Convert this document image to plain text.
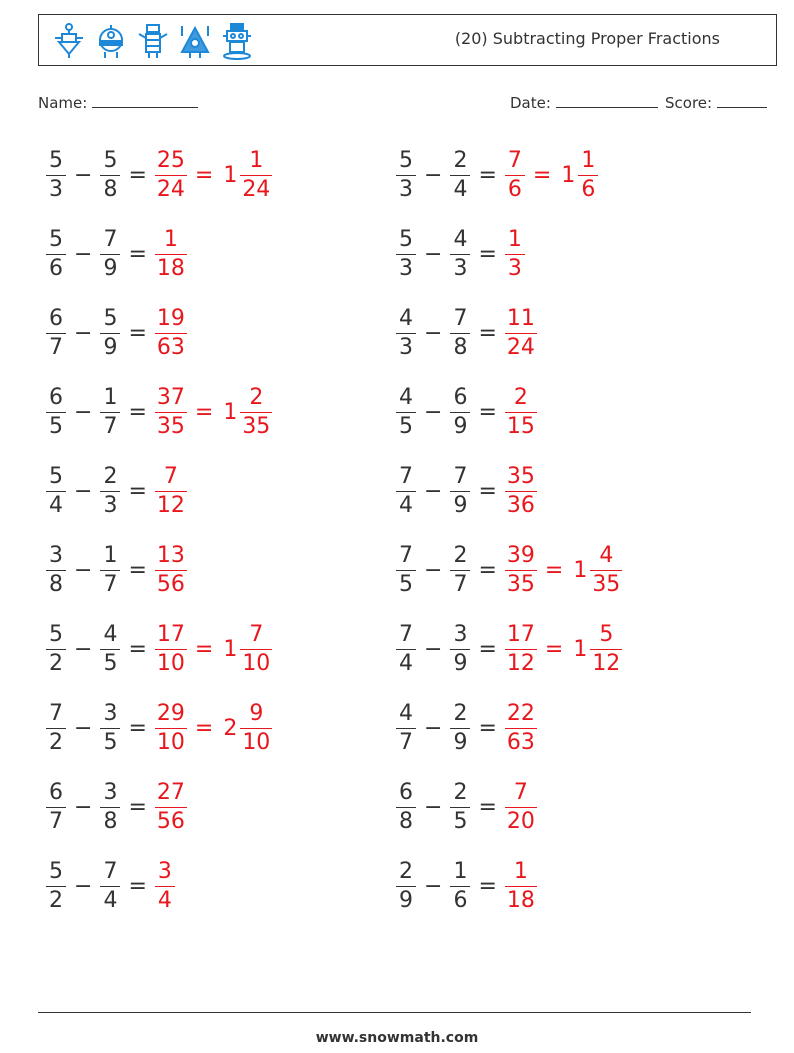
(20) Subtracting Proper Fractions
Name:	Date:	Score:
$\frac{5}{3} - \frac{5}{8} = \frac{25}{24} = 1 \frac{1}{24}$
$\frac{5}{6} - \frac{7}{9} = \frac{1}{18}$
$\frac{6}{7} - \frac{5}{9} = \frac{19}{63}$
$\frac{6}{5} - \frac{1}{7} = \frac{37}{35} = 1 \frac{2}{35}$
$\frac{5}{4} - \frac{2}{3} = \frac{7}{12}$
$\frac{3}{8} - \frac{1}{7} = \frac{13}{56}$
$\frac{5}{2} - \frac{4}{5} = \frac{17}{10} = 1 \frac{7}{10}$
$\frac{7}{2} - \frac{3}{5} = \frac{29}{10} = 2 \frac{9}{10}$
$\frac{6}{7} - \frac{3}{8} = \frac{27}{56}$
$\frac{5}{2} - \frac{7}{4} = \frac{3}{4}$
$\frac{5}{3} - \frac{2}{4} = \frac{7}{6} = 1 \frac{1}{6}$
$\frac{5}{3} - \frac{4}{3} = \frac{1}{3}$
$\frac{4}{3} - \frac{7}{8} = \frac{11}{24}$
$\frac{4}{5} - \frac{6}{9} = \frac{2}{15}$
$\frac{7}{4} - \frac{7}{9} = \frac{35}{36}$
$\frac{7}{5} - \frac{2}{7} = \frac{39}{35} = 1 \frac{4}{35}$
$\frac{7}{4} - \frac{3}{9} = \frac{17}{12} = 1 \frac{5}{12}$
$\frac{4}{7} - \frac{2}{9} = \frac{22}{63}$
$\frac{6}{8} - \frac{2}{5} = \frac{7}{20}$
$\frac{2}{9} - \frac{1}{6} = \frac{1}{18}$
www.snowmath.com
